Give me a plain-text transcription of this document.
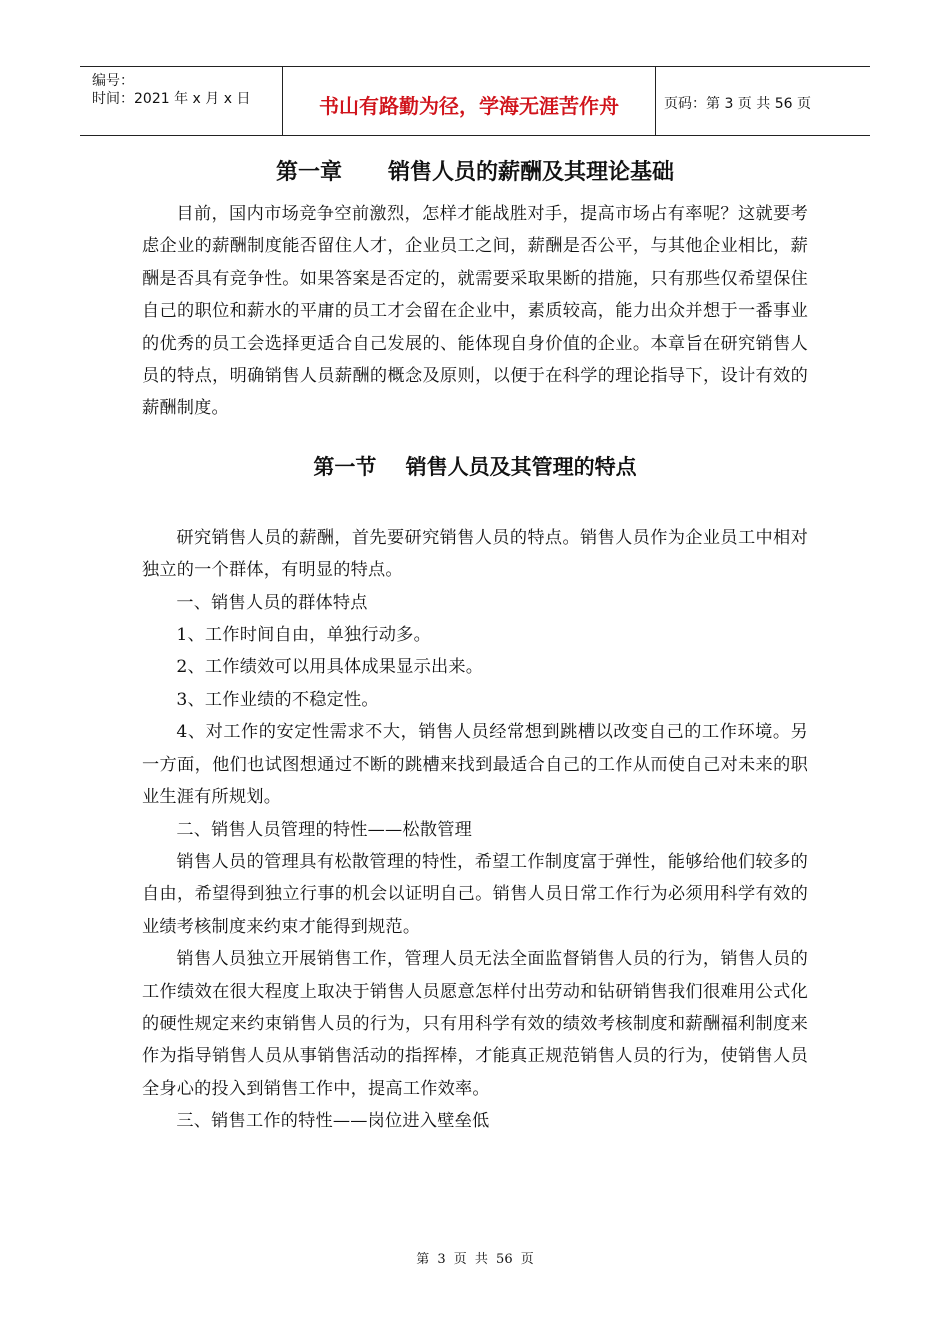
编号：
时间：2021 年 x 月 x 日	书山有路勤为径，学海无涯苦作舟	页码：第 3 页 共 56 页
第一章      销售人员的薪酬及其理论基础

目前，国内市场竞争空前激烈，怎样才能战胜对手，提高市场占有率呢？这就要考虑企业的薪酬制度能否留住人才，企业员工之间，薪酬是否公平，与其他企业相比，薪酬是否具有竞争性。如果答案是否定的，就需要采取果断的措施，只有那些仅希望保住自己的职位和薪水的平庸的员工才会留在企业中，素质较高，能力出众并想于一番事业的优秀的员工会选择更适合自己发展的、能体现自身价值的企业。本章旨在研究销售人员的特点，明确销售人员薪酬的概念及原则，以便于在科学的理论指导下，设计有效的薪酬制度。

第一节    销售人员及其管理的特点

研究销售人员的薪酬，首先要研究销售人员的特点。销售人员作为企业员工中相对独立的一个群体，有明显的特点。

一、销售人员的群体特点

1、工作时间自由，单独行动多。

2、工作绩效可以用具体成果显示出来。

3、工作业绩的不稳定性。

4、对工作的安定性需求不大，销售人员经常想到跳槽以改变自己的工作环境。另一方面，他们也试图想通过不断的跳槽来找到最适合自己的工作从而使自己对未来的职业生涯有所规划。

二、销售人员管理的特性——松散管理

销售人员的管理具有松散管理的特性，希望工作制度富于弹性，能够给他们较多的自由，希望得到独立行事的机会以证明自己。销售人员日常工作行为必须用科学有效的业绩考核制度来约束才能得到规范。

销售人员独立开展销售工作，管理人员无法全面监督销售人员的行为，销售人员的工作绩效在很大程度上取决于销售人员愿意怎样付出劳动和钻研销售我们很难用公式化的硬性规定来约束销售人员的行为，只有用科学有效的绩效考核制度和薪酬福利制度来作为指导销售人员从事销售活动的指挥棒，才能真正规范销售人员的行为，使销售人员全身心的投入到销售工作中，提高工作效率。

三、销售工作的特性——岗位进入壁垒低

第 3 页 共 56 页
